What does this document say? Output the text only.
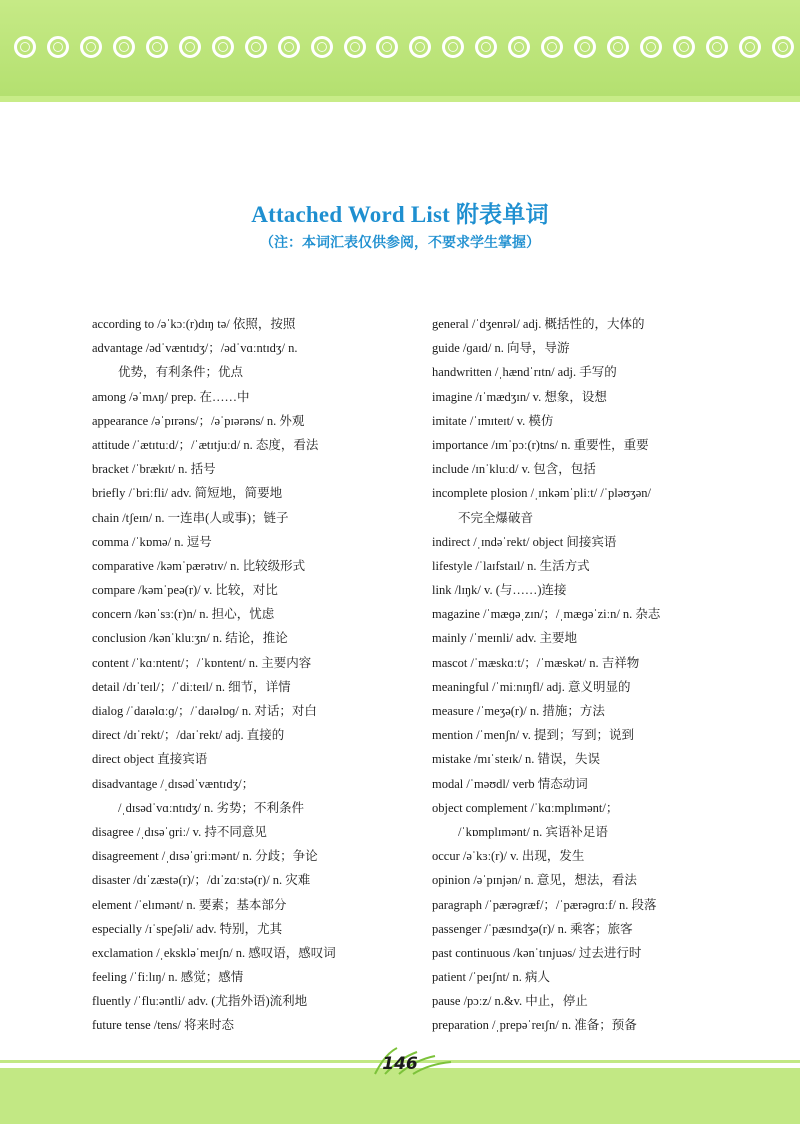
Attached Word List 附表单词
（注：本词汇表仅供参阅，不要求学生掌握）
according to /əˈkɔː(r)dɪŋ tə/ 依照，按照
advantage /ədˈvæntɪdʒ/；/ədˈvɑːntɪdʒ/ n.
优势，有利条件；优点
among /əˈmʌŋ/ prep. 在……中
appearance /əˈpɪrəns/；/əˈpɪərəns/ n. 外观
attitude /ˈætɪtuːd/；/ˈætɪtjuːd/ n. 态度，看法
bracket /ˈbrækɪt/ n. 括号
briefly /ˈbriːfli/ adv. 简短地，简要地
chain /tʃeɪn/ n. 一连串(人或事)；链子
comma /ˈkɒmə/ n. 逗号
comparative /kəmˈpærətɪv/ n. 比较级形式
compare /kəmˈpeə(r)/ v. 比较，对比
concern /kənˈsɜː(r)n/ n. 担心，忧虑
conclusion /kənˈkluːʒn/ n. 结论，推论
content /ˈkɑːntent/；/ˈkɒntent/ n. 主要内容
detail /dɪˈteɪl/；/ˈdiːteɪl/ n. 细节，详情
dialog /ˈdaɪəlɑːɡ/；/ˈdaɪəlɒɡ/ n. 对话；对白
direct /dɪˈrekt/；/daɪˈrekt/ adj. 直接的
direct object 直接宾语
disadvantage /ˌdɪsədˈvæntɪdʒ/；
/ˌdɪsədˈvɑːntɪdʒ/ n. 劣势；不利条件
disagree /ˌdɪsəˈɡriː/ v. 持不同意见
disagreement /ˌdɪsəˈɡriːmənt/ n. 分歧；争论
disaster /dɪˈzæstə(r)/；/dɪˈzɑːstə(r)/ n. 灾难
element /ˈelɪmənt/ n. 要素；基本部分
especially /ɪˈspeʃəli/ adv. 特别，尤其
exclamation /ˌekskləˈmeɪʃn/ n. 感叹语，感叹词
feeling /ˈfiːlɪŋ/ n. 感觉；感情
fluently /ˈfluːəntli/ adv. (尤指外语)流利地
future tense /tens/ 将来时态
general /ˈdʒenrəl/ adj. 概括性的，大体的
guide /ɡaɪd/ n. 向导，导游
handwritten /ˌhændˈrɪtn/ adj. 手写的
imagine /ɪˈmædʒɪn/ v. 想象，设想
imitate /ˈɪmɪteɪt/ v. 模仿
importance /ɪmˈpɔː(r)tns/ n. 重要性，重要
include /ɪnˈkluːd/ v. 包含，包括
incomplete plosion /ˌɪnkəmˈpliːt/ /ˈpləʊʒən/
不完全爆破音
indirect /ˌɪndəˈrekt/ object 间接宾语
lifestyle /ˈlaɪfstaɪl/ n. 生活方式
link /lɪŋk/ v. (与……)连接
magazine /ˈmæɡəˌzɪn/；/ˌmæɡəˈziːn/ n. 杂志
mainly /ˈmeɪnli/ adv. 主要地
mascot /ˈmæskɑːt/；/ˈmæskət/ n. 吉祥物
meaningful /ˈmiːnɪŋfl/ adj. 意义明显的
measure /ˈmeʒə(r)/ n. 措施；方法
mention /ˈmenʃn/ v. 提到；写到；说到
mistake /mɪˈsteɪk/ n. 错误，失误
modal /ˈməʊdl/ verb 情态动词
object complement /ˈkɑːmplɪmənt/；
/ˈkɒmplɪmənt/ n. 宾语补足语
occur /əˈkɜː(r)/ v. 出现，发生
opinion /əˈpɪnjən/ n. 意见，想法，看法
paragraph /ˈpærəɡræf/；/ˈpærəɡrɑːf/ n. 段落
passenger /ˈpæsɪndʒə(r)/ n. 乘客；旅客
past continuous /kənˈtɪnjuəs/ 过去进行时
patient /ˈpeɪʃnt/ n. 病人
pause /pɔːz/ n.&v. 中止，停止
preparation /ˌprepəˈreɪʃn/ n. 准备；预备
146
